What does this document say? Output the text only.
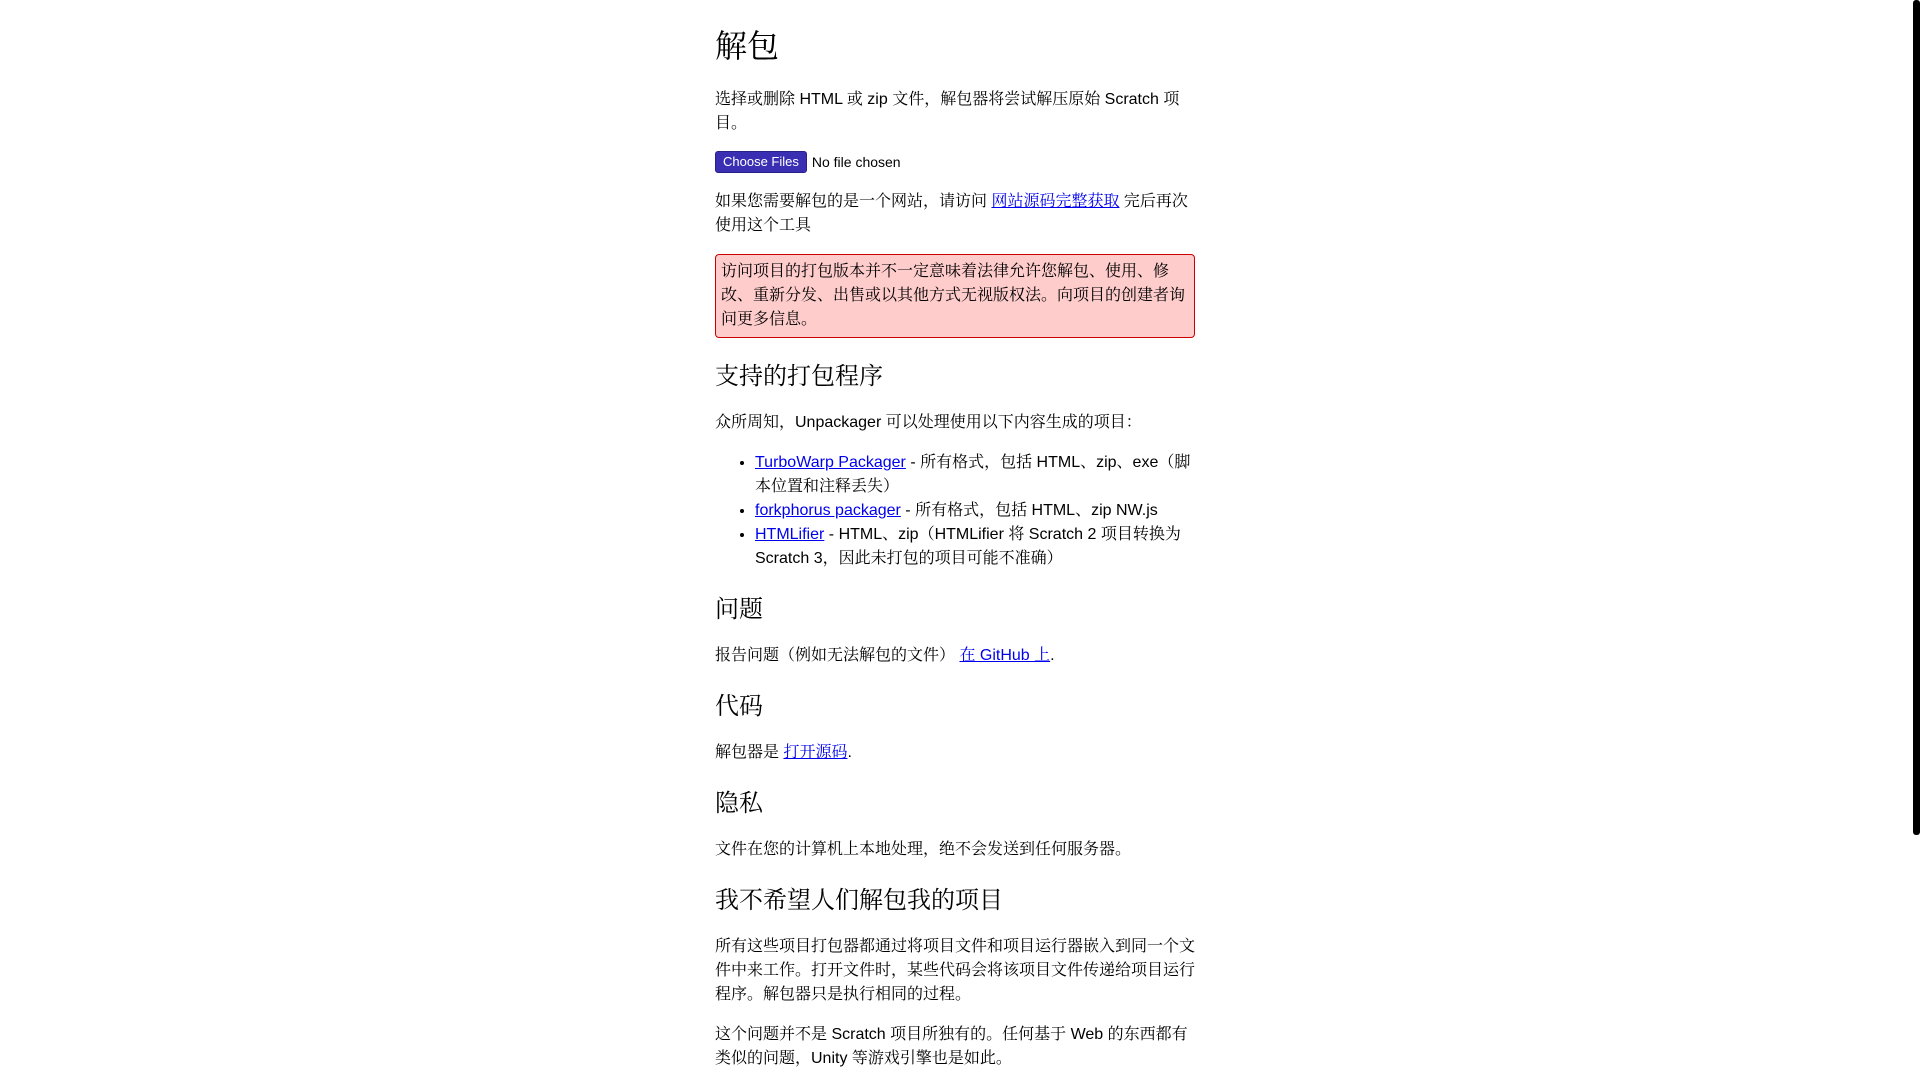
解包

选择或删除 HTML 或 zip 文件，解包器将尝试解压原始 Scratch 项目。

Choose Files No file chosen

如果您需要解包的是一个网站，请访问 网站源码完整获取 完后再次使用这个工具

访问项目的打包版本并不一定意味着法律允许您解包、使用、修改、重新分发、出售或以其他方式无视版权法。向项目的创建者询问更多信息。
支持的打包程序

众所周知，Unpackager 可以处理使用以下内容生成的项目：

• TurboWarp Packager - 所有格式，包括 HTML、zip、exe（脚本位置和注释丢失）
• forkphorus packager - 所有格式，包括 HTML、zip NW.js
• HTMLifier - HTML、zip（HTMLifier 将 Scratch 2 项目转换为 Scratch 3，因此未打包的项目可能不准确）
问题

报告问题（例如无法解包的文件） 在 GitHub 上.

代码

解包器是 打开源码.

隐私

文件在您的计算机上本地处理，绝不会发送到任何服务器。

我不希望人们解包我的项目

所有这些项目打包器都通过将项目文件和项目运行器嵌入到同一个文件中来工作。打开文件时，某些代码会将该项目文件传递给项目运行程序。解包器只是执行相同的过程。

这个问题并不是 Scratch 项目所独有的。任何基于 Web 的东西都有类似的问题，Unity 等游戏引擎也是如此。
